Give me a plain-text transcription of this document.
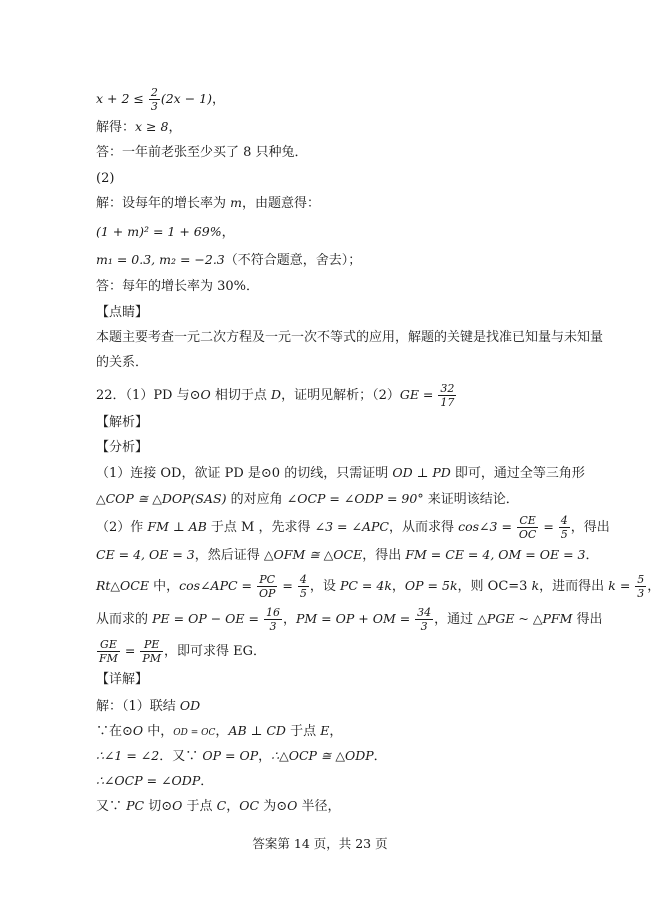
$x + 2 \le \frac{2}{3} (2x - 1)$，
解得：x ≥ 8，
答：一年前老张至少买了 8 只种兔．
(2)
解：设每年的增长率为 m，由题意得：
(1 + m)² = 1 + 69%，
m₁ = 0.3, m₂ = −2.3（不符合题意，舍去）；
答：每年的增长率为 30%．
【点睛】
本题主要考查一元二次方程及一元一次不等式的应用，解题的关键是找准已知量与未知量
的关系．
22．（1）PD 与⊙O 相切于点 D，证明见解析；$(2)GE = \frac{32}{17}$
【解析】
【分析】
（1）连接 OD，欲证 PD 是⊙0 的切线，只需证明 OD ⊥ PD 即可，通过全等三角形
△COP ≅ △DOP(SAS) 的对应角 ∠OCP = ∠ODP = 90° 来证明该结论．
（2）作 FM ⊥ AB 于点 M ，先求得 ∠3 = ∠APC，从而求得 cos∠3 = $\frac{CE}{OC} = \frac{4}{5}$ ，得出
CE = 4, OE = 3，然后证得 △OFM ≅ △OCE，得出 FM = CE = 4, OM = OE = 3．
Rt△OCE 中，cos∠APC = $\frac{PC}{OP} = \frac{4}{5}$ ，设 PC = 4k，OP = 5k，则 OC=3 k，进而得出 $k = \frac{5}{3}$ ，
从而求的 PE = OP − OE = $\frac{16}{3}$ ，PM = OP + OM = $\frac{34}{3}$ ，通过 △PGE ~ △PFM 得出
$\frac{GE}{FM} = \frac{PE}{PM}$ ，即可求得 EG．
【详解】
解：（1）联结 OD
∵在⊙O 中，OD = OC，AB ⊥ CD 于点 E，
∴∠1 = ∠2．又∵ OP = OP，∴△OCP ≅ △ODP．
∴∠OCP = ∠ODP．
又∵ PC 切⊙O 于点 C，OC 为⊙O 半径，
答案第 14 页，共 23 页
